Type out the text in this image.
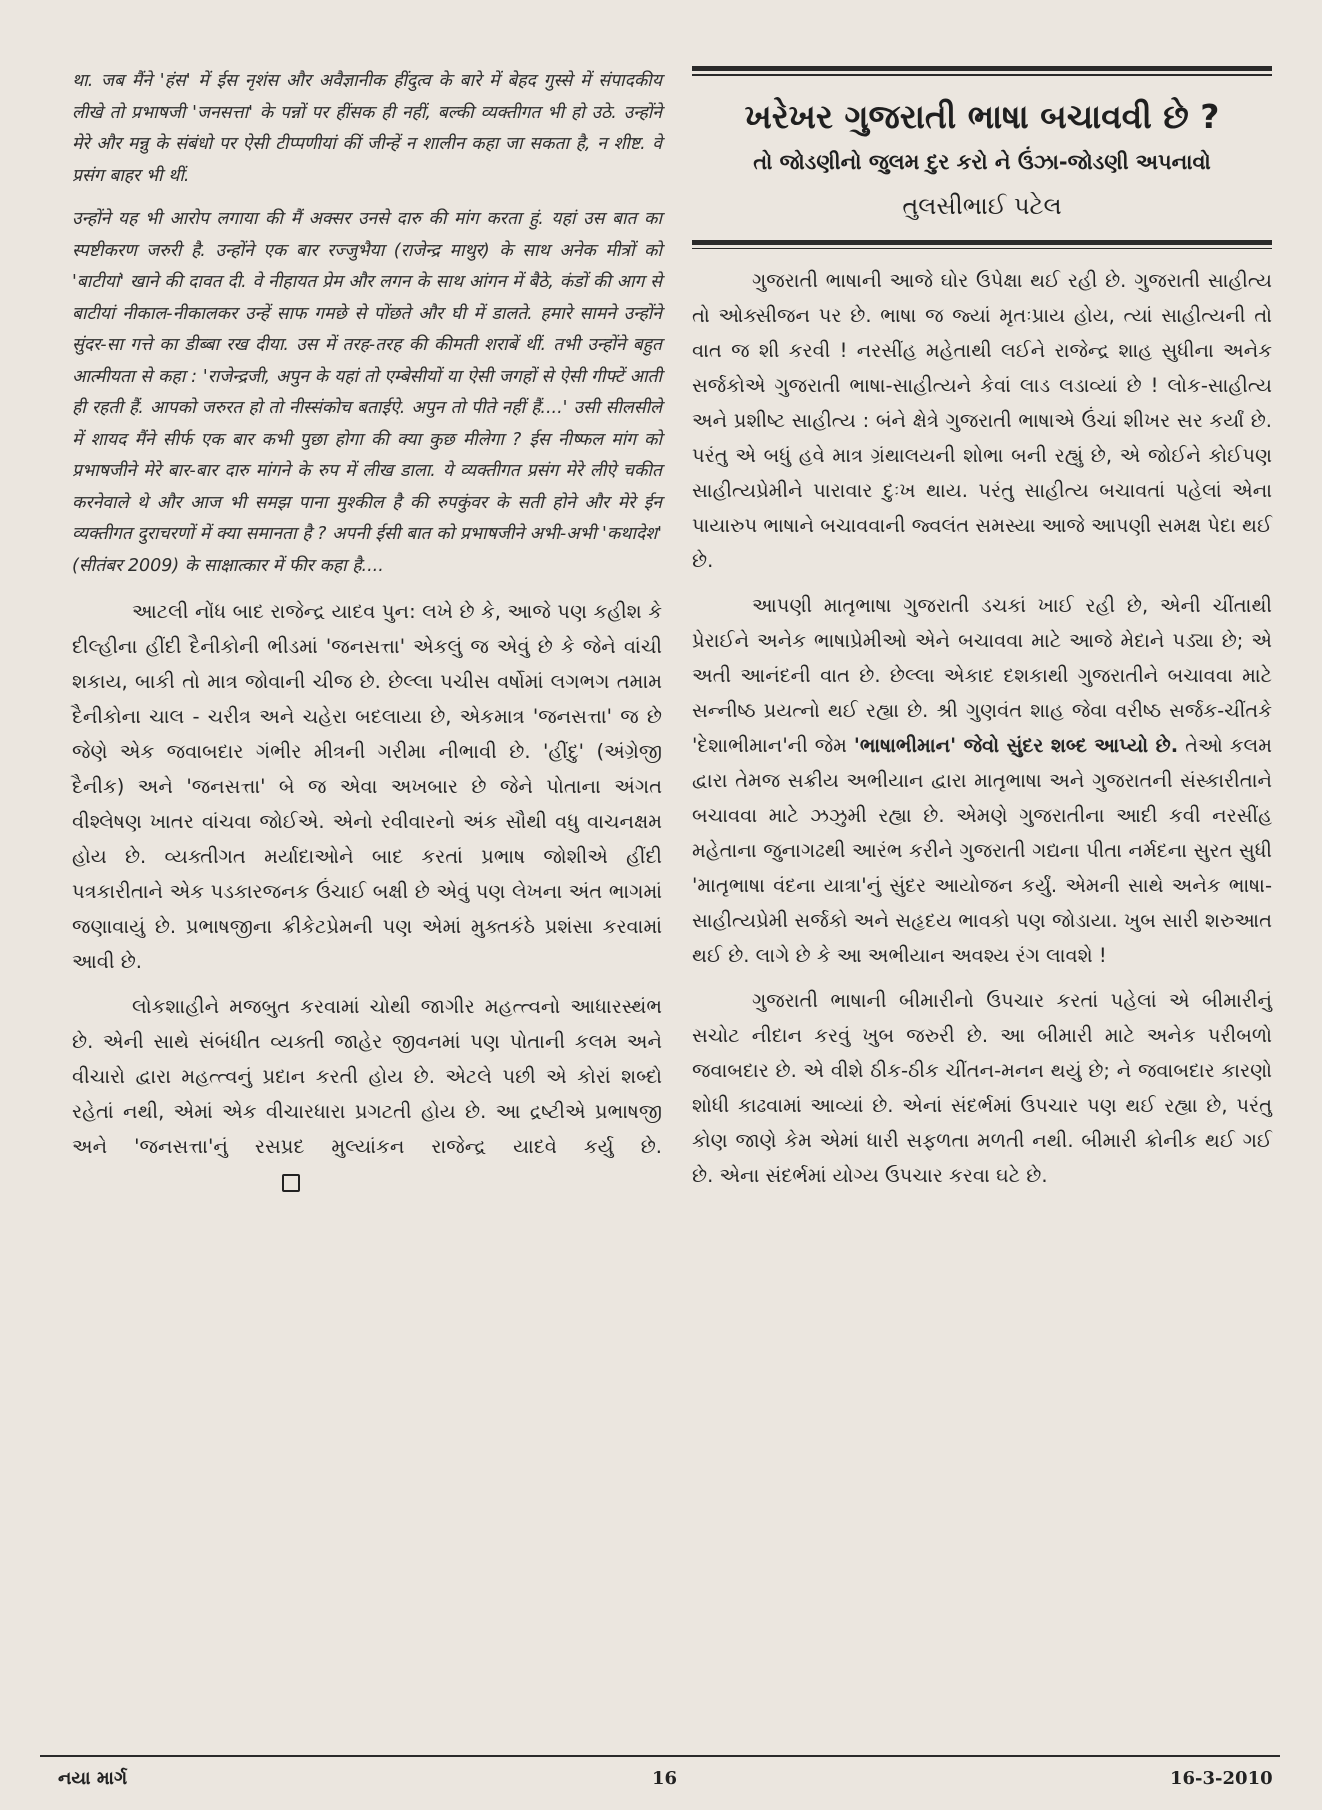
था. जब मैंने 'हंस' में ईस नृशंस और अवैज्ञानीक हींदुत्व के बारे में बेहद गुस्से में संपादकीय लीखे तो प्रभाषजी 'जनसत्ता' के पन्नों पर हींसक ही नहीं, बल्की व्यक्तीगत भी हो उठे. उन्होंने मेरे और मन्नु के संबंधो पर ऐसी टीप्पणीयां कीं जीन्हें न शालीन कहा जा सकता है, न शीष्ट. वे प्रसंग बाहर भी थीं.

उन्होंने यह भी आरोप लगाया की मैं अक्सर उनसे दारु की मांग करता हुं. यहां उस बात का स्पष्टीकरण जरुरी है. उन्होंने एक बार रज्जुभैया (राजेन्द्र माथुर) के साथ अनेक मीत्रों को 'बाटीयां' खाने की दावत दी. वे नीहायत प्रेम और लगन के साथ आंगन में बैठे, कंडों की आग से बाटीयां नीकाल-नीकालकर उन्हें साफ गमछे से पोंछते और घी में डालते. हमारे सामने उन्होंने सुंदर-सा गत्ते का डीब्बा रख दीया. उस में तरह-तरह की कीमती शराबें थीं. तभी उन्होंने बहुत आत्मीयता से कहा : 'राजेन्द्रजी, अपुन के यहां तो एम्बेसीयों या ऐसी जगहों से ऐसी गीफ्टें आती ही रहती हैं. आपको जरुरत हो तो नीस्संकोच बताईऐ. अपुन तो पीते नहीं हैं....' उसी सीलसीले में शायद मैंने सीर्फ एक बार कभी पुछा होगा की क्या कुछ मीलेगा ? ईस नीष्फल मांग को प्रभाषजीने मेरे बार-बार दारु मांगने के रुप में लीख डाला. ये व्यक्तीगत प्रसंग मेरे लीऐ चकीत करनेवाले थे और आज भी समझ पाना मुश्कील है की रुपकुंवर के सती होने और मेरे ईन व्यक्तीगत दुराचरणों में क्या समानता है ? अपनी ईसी बात को प्रभाषजीने अभी-अभी 'कथादेश' (सीतंबर 2009) के साक्षात्कार में फीर कहा है....

આટલી નોંધ બાદ રાજેન્દ્ર યાદવ પુન: લખે છે કે, આજે પણ કહીશ કે દીલ્હીના હીંદી દૈનીકોની ભીડમાં 'જનસત્તા' એકલું જ એવું છે કે જેને વાંચી શકાય, બાકી તો માત્ર જોવાની ચીજ છે. છેલ્લા પચીસ વર્ષોમાં લગભગ તમામ દૈનીકોના ચાલ - ચરીત્ર અને ચહેરા બદલાયા છે, એકમાત્ર 'જનસત્તા' જ છે જેણે એક જવાબદાર ગંભીર મીત્રની ગરીમા નીભાવી છે. 'હીંદુ' (અંગ્રેજી દૈનીક) અને 'જનસત્તા' બે જ એવા અખબાર છે જેને પોતાના અંગત વીશ્લેષણ ખાતર વાંચવા જોઈએ. એનો રવીવારનો અંક સૌથી વધુ વાચનક્ષમ હોય છે. વ્યક્તીગત મર્યાદાઓને બાદ કરતાં પ્રભાષ જોશીએ હીંદી પત્રકારીતાને એક પડકારજનક ઉંચાઈ બક્ષી છે એવું પણ લેખના અંત ભાગમાં જણાવાયું છે. પ્રભાષજીના ક્રીકેટપ્રેમની પણ એમાં મુક્તકંઠે પ્રશંસા કરવામાં આવી છે.

લોકશાહીને મજબુત કરવામાં ચોથી જાગીર મહત્ત્વનો આધારસ્થંભ છે. એની સાથે સંબંધીત વ્યક્તી જાહેર જીવનમાં પણ પોતાની કલમ અને વીચારો દ્વારા મહત્ત્વનું પ્રદાન કરતી હોય છે. એટલે પછી એ કોરાં શબ્દો રહેતાં નથી, એમાં એક વીચારધારા પ્રગટતી હોય છે. આ દ્રષ્ટીએ પ્રભાષજી અને 'જનસત્તા'નું રસપ્રદ મુલ્યાંકન રાજેન્દ્ર યાદવે કર્યુ છે.

ખરેખર ગુજરાતી ભાષા બચાવવી છે ?
તો જોડણીનો જુલમ દુર કરો ને ઉંઝા-જોડણી અપનાવો
તુલસીભાઈ પટેલ

ગુજરાતી ભાષાની આજે ઘોર ઉપેક્ષા થઈ રહી છે. ગુજરાતી સાહીત્ય તો ઓક્સીજન પર છે. ભાષા જ જ્યાં મૃતઃપ્રાય હોય, ત્યાં સાહીત્યની તો વાત જ શી કરવી ! નરસીંહ મહેતાથી લઈને રાજેન્દ્ર શાહ સુધીના અનેક સર્જકોએ ગુજરાતી ભાષા-સાહીત્યને કેવાં લાડ લડાવ્યાં છે ! લોક-સાહીત્ય અને પ્રશીષ્ટ સાહીત્ય : બંને ક્ષેત્રે ગુજરાતી ભાષાએ ઉંચાં શીખર સર કર્યાં છે. પરંતુ એ બધું હવે માત્ર ગ્રંથાલયની શોભા બની રહ્યું છે, એ જોઈને કોઈપણ સાહીત્યપ્રેમીને પારાવાર દુઃખ થાય. પરંતુ સાહીત્ય બચાવતાં પહેલાં એના પાયારુપ ભાષાને બચાવવાની જ્વલંત સમસ્યા આજે આપણી સમક્ષ પેદા થઈ છે.

આપણી માતૃભાષા ગુજરાતી ડચકાં ખાઈ રહી છે, એની ચીંતાથી પ્રેરાઈને અનેક ભાષાપ્રેમીઓ એને બચાવવા માટે આજે મેદાને પડ્યા છે; એ અતી આનંદની વાત છે. છેલ્લા એકાદ દશકાથી ગુજરાતીને બચાવવા માટે સન્નીષ્ઠ પ્રયત્નો થઈ રહ્યા છે. શ્રી ગુણવંત શાહ જેવા વરીષ્ઠ સર્જક-ચીંતકે 'દેશાભીમાન'ની જેમ 'ભાષાભીમાન' જેવો સુંદર શબ્દ આપ્યો છે. તેઓ કલમ દ્વારા તેમજ સક્રીય અભીયાન દ્વારા માતૃભાષા અને ગુજરાતની સંસ્કારીતાને બચાવવા માટે ઝઝુમી રહ્યા છે. એમણે ગુજરાતીના આદી કવી નરસીંહ મહેતાના જુનાગઢથી આરંભ કરીને ગુજરાતી ગદ્યના પીતા નર્મદના સુરત સુધી 'માતૃભાષા વંદના યાત્રા'નું સુંદર આયોજન કર્યું. એમની સાથે અનેક ભાષા-સાહીત્યપ્રેમી સર્જકો અને સહૃદય ભાવકો પણ જોડાયા. ખુબ સારી શરુઆત થઈ છે. લાગે છે કે આ અભીયાન અવશ્ય રંગ લાવશે !

ગુજરાતી ભાષાની બીમારીનો ઉપચાર કરતાં પહેલાં એ બીમારીનું સચોટ નીદાન કરવું ખુબ જરુરી છે. આ બીમારી માટે અનેક પરીબળો જવાબદાર છે. એ વીશે ઠીક-ઠીક ચીંતન-મનન થયું છે; ને જવાબદાર કારણો શોધી કાઢવામાં આવ્યાં છે. એનાં સંદર્ભમાં ઉપચાર પણ થઈ રહ્યા છે, પરંતુ કોણ જાણે કેમ એમાં ધારી સફળતા મળતી નથી. બીમારી ક્રોનીક થઈ ગઈ છે. એના સંદર્ભમાં યોગ્ય ઉપચાર કરવા ઘટે છે.

નયા માર્ગ	16	16-3-2010
